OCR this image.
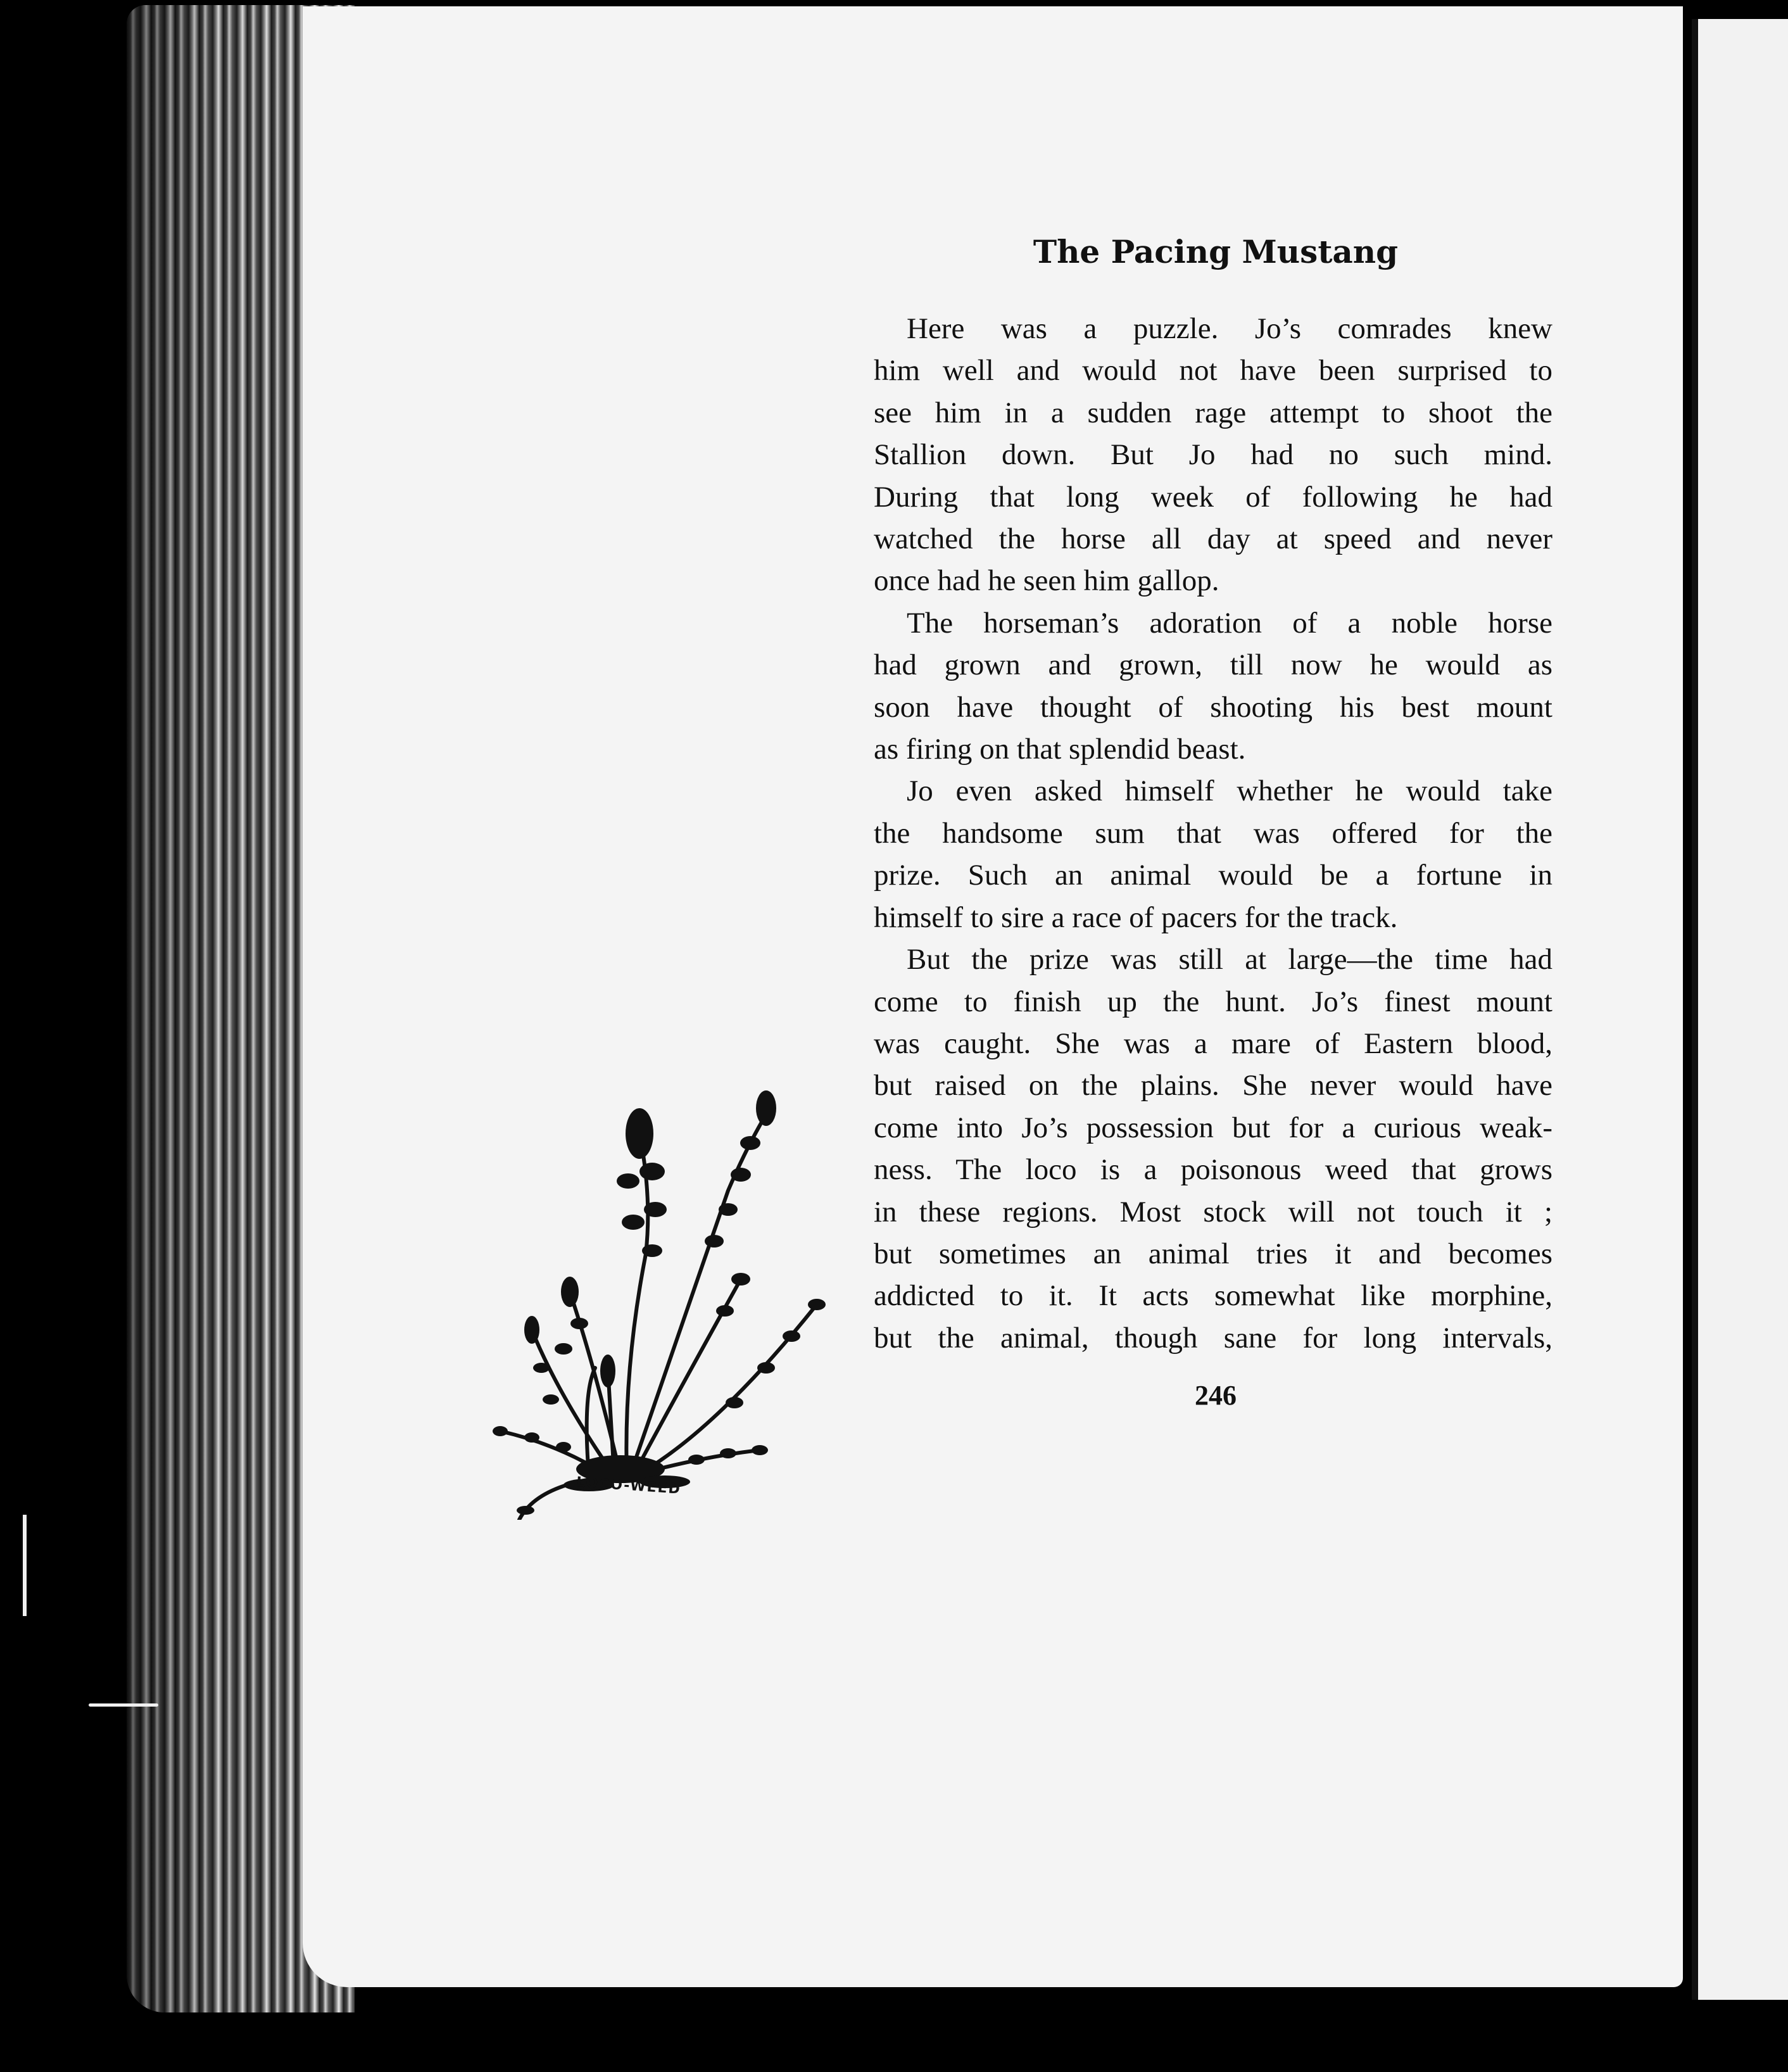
The Pacing Mustang

Here was a puzzle. Jo’s comrades knew
him well and would not have been surprised to
see him in a sudden rage attempt to shoot the
Stallion down. But Jo had no such mind.
During that long week of following he had
watched the horse all day at speed and never
once had he seen him gallop.

The horseman’s adoration of a noble horse
had grown and grown, till now he would as
soon have thought of shooting his best mount
as firing on that splendid beast.

Jo even asked himself whether he would take
the handsome sum that was offered for the
prize. Such an animal would be a fortune in
himself to sire a race of pacers for the track.

But the prize was still at large—the time had
come to finish up the hunt. Jo’s finest mount
was caught. She was a mare of Eastern blood,
but raised on the plains. She never would have
come into Jo’s possession but for a curious weak-
ness. The loco is a poisonous weed that grows
in these regions. Most stock will not touch it ;
but sometimes an animal tries it and becomes
addicted to it. It acts somewhat like morphine,
but the animal, though sane for long intervals,

246
LOCO-WEED
